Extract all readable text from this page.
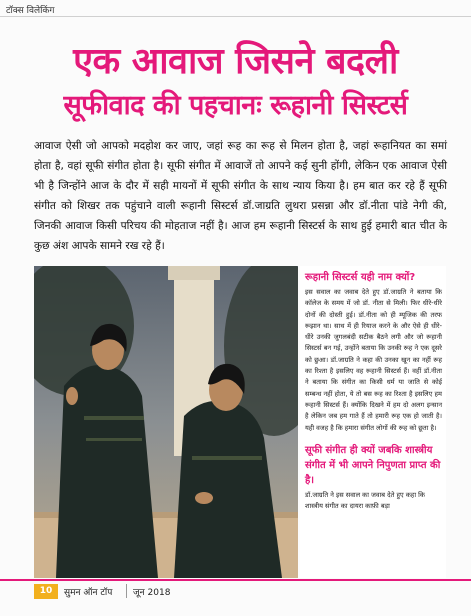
टॉक्स विलेकिंग
एक आवाज जिसने बदली
सूफीवाद की पहचानः रूहानी सिस्टर्स

आवाज ऐसी जो आपको मदहोश कर जाए, जहां रूह का रूह से मिलन होता है, जहां रूहानियत का समां होता है, वहां सूफी संगीत होता है। सूफी संगीत में आवाजें तो आपने कई सुनी होंगी, लेकिन एक आवाज ऐसी भी है जिन्होंने आज के दौर में सही मायनों में सूफी संगीत के साथ न्याय किया है। हम बात कर रहे हैं सूफी संगीत को शिखर तक पहुंचाने वाली रूहानी सिस्टर्स डॉ.जाग्रति लुथरा प्रसन्ना और डॉ.नीता पांडे नेगी की, जिनकी आवाज किसी परिचय की मोहताज नहीं है। आज हम रूहानी सिस्टर्स के साथ हुई हमारी बात चीत के कुछ अंश आपके सामने रख रहे हैं।

रूहानी सिस्टर्स यही नाम क्यों?
इस सवाल का जवाब देते हुए डॉ.जाग्रति ने बताया कि कॉलेज के समय में जो डॉ. नीता से मिली। फिर धीरे-धीरे दोनों की दोस्ती हुई। डॉ.नीता को ही म्यूजिक की तरफ रूझान था। साथ में ही रियाज करने के और ऐसे ही धीरे-धीरे उनकी जुगलबंदी सटीक बैठने लगी और जो रूहानी सिस्टर्स बन गई, उन्होंने बताया कि उनकी रूह ने एक दूसरे को छुआ। डॉ.जाग्रति ने कहा की उनका खून का नहीं रूह का रिश्ता है इसलिए वह रूहानी सिस्टर्स हैं। वहीं डॉ.नीता ने बताया कि संगीत का किसी धर्म या जाति से कोई सम्बन्ध नहीं होता, ये तो बस रूह का रिश्ता है इसलिए हम रूहानी सिस्टर्स हैं। क्योंकि दिखने में हम दो अलग इन्सान है लेकिन जब हम गाते हैं तो हमारी रूह एक हो जाती है। यही वजह है कि हमारा संगीत लोगों की रूह को छूता है।
सूफी संगीत ही क्यों जबकि शास्त्रीय संगीत में भी आपने निपुणता प्राप्त की है।
डॉ.जाग्रति ने इस सवाल का जवाब देते हुए कहा कि शास्त्रीय संगीत का दायरा काफ़ी बड़ा
10	सुमन ऑन टॉप जून 2018
